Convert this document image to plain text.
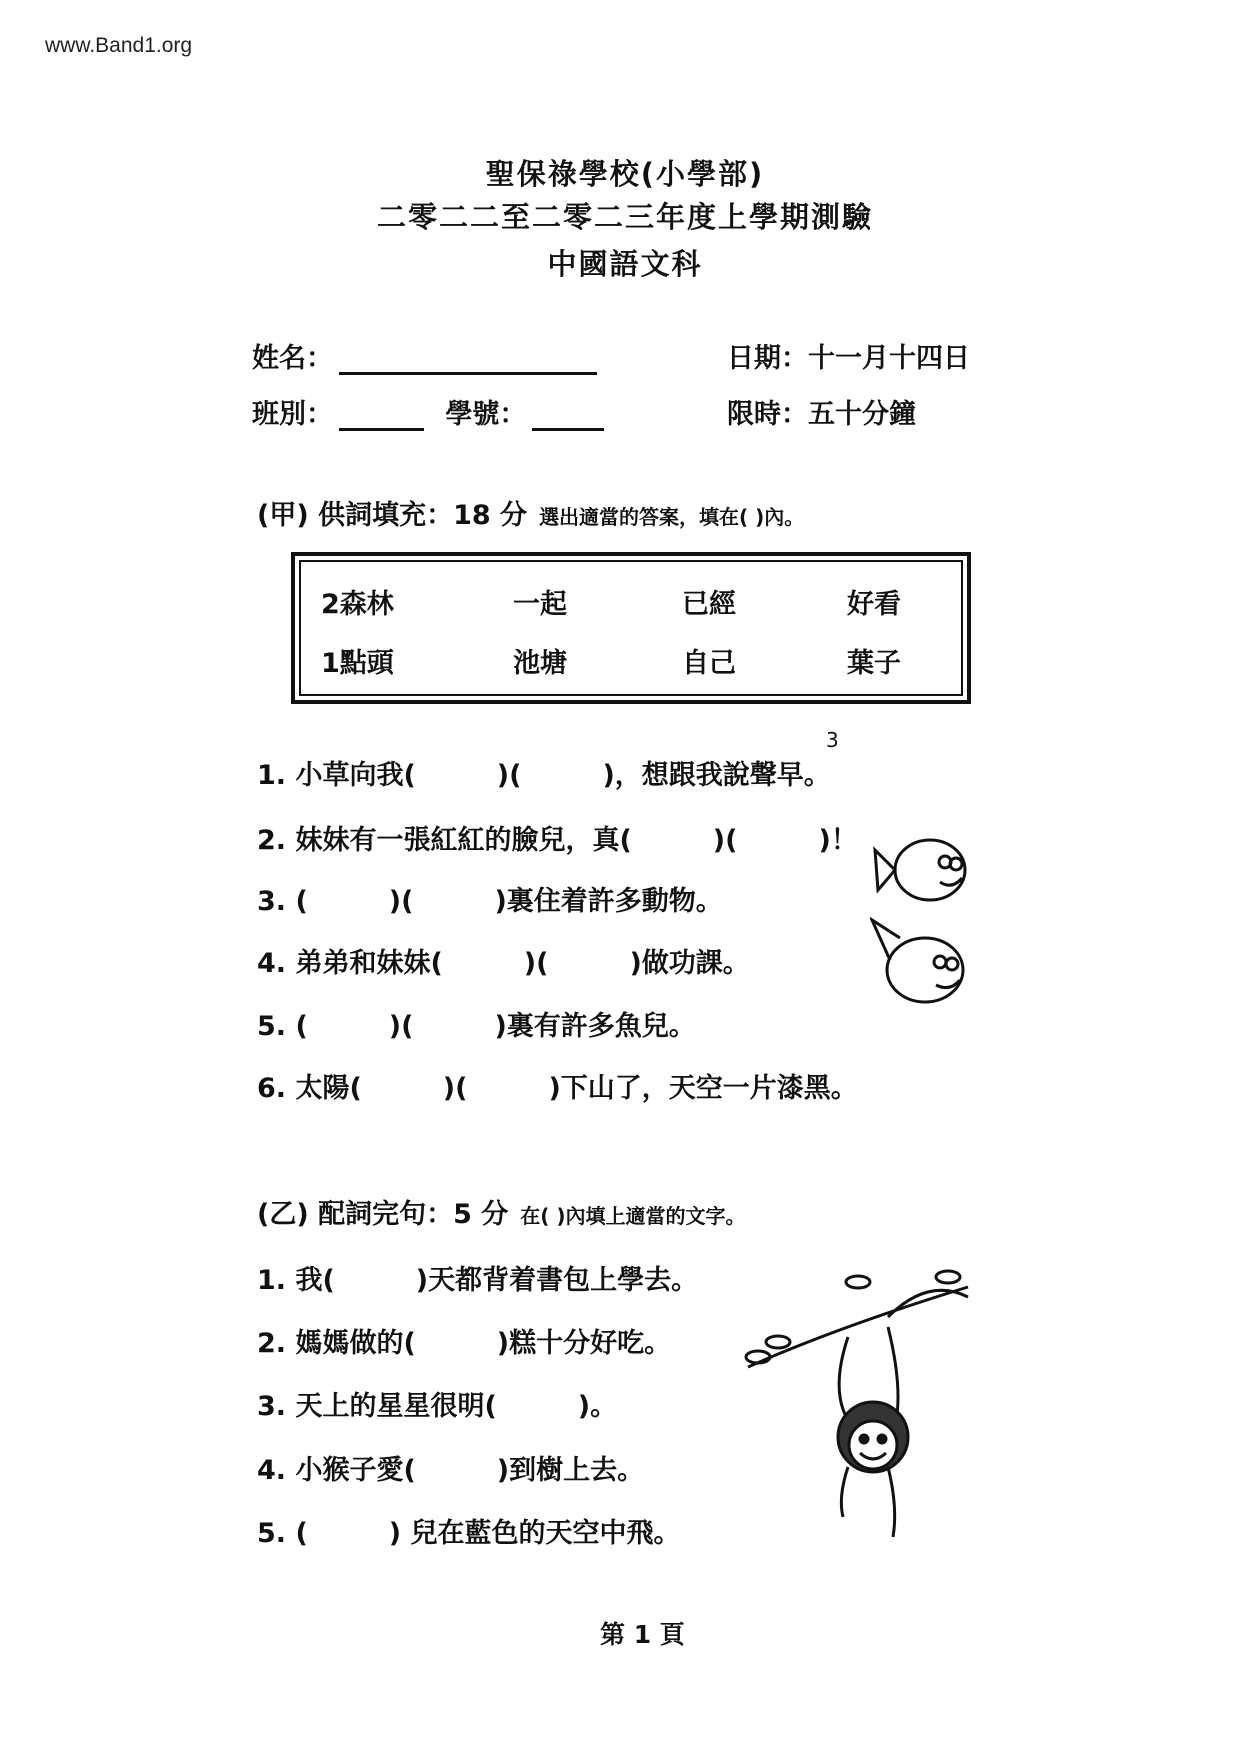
www.Band1.org
聖保祿學校(小學部)
二零二二至二零二三年度上學期測驗
中國語文科
姓名：	日期：十一月十四日
班別：	學號：	限時：五十分鐘
(甲) 供詞填充：18 分 選出適當的答案，填在( )內。
2森林	一起	已經	好看
1點頭	池塘	自己	葉子
1. 小草向我(　　　)(　　　)，想跟我說聲早。
3
2. 妹妹有一張紅紅的臉兒，真(　　　)(　　　)！
3. (　　　)(　　　)裏住着許多動物。
4. 弟弟和妹妹(　　　)(　　　)做功課。
5. (　　　)(　　　)裏有許多魚兒。
6. 太陽(　　　)(　　　)下山了，天空一片漆黑。
(乙) 配詞完句：5 分 在( )內填上適當的文字。
1. 我(　　　)天都背着書包上學去。
2. 媽媽做的(　　　)糕十分好吃。
3. 天上的星星很明(　　　)。
4. 小猴子愛(　　　)到樹上去。
5. (　　　) 兒在藍色的天空中飛。
第 1 頁
